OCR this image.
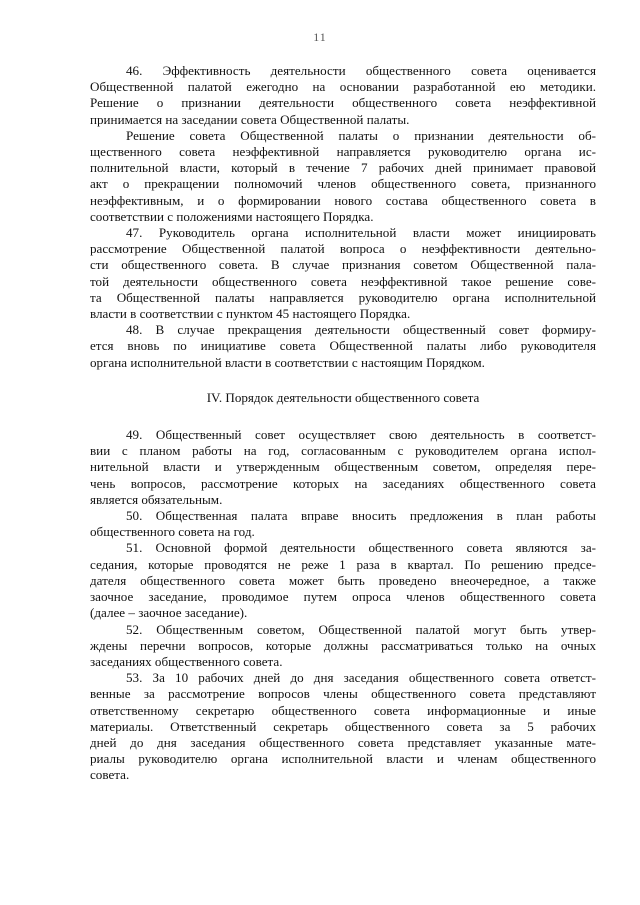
11
46. Эффективность деятельности общественного совета оценивается
Общественной палатой ежегодно на основании разработанной ею методики.
Решение о признании деятельности общественного совета неэффективной
принимается на заседании совета Общественной палаты.
Решение совета Общественной палаты о признании деятельности об-
щественного совета неэффективной направляется руководителю органа ис-
полнительной власти, который в течение 7 рабочих дней принимает правовой
акт о прекращении полномочий членов общественного совета, признанного
неэффективным, и о формировании нового состава общественного совета в
соответствии с положениями настоящего Порядка.
47. Руководитель органа исполнительной власти может инициировать
рассмотрение Общественной палатой вопроса о неэффективности деятельно-
сти общественного совета. В случае признания советом Общественной пала-
той деятельности общественного совета неэффективной такое решение сове-
та Общественной палаты направляется руководителю органа исполнительной
власти в соответствии с пунктом 45 настоящего Порядка.
48. В случае прекращения деятельности общественный совет формиру-
ется вновь по инициативе совета Общественной палаты либо руководителя
органа исполнительной власти в соответствии с настоящим Порядком.
IV. Порядок деятельности общественного совета
49. Общественный совет осуществляет свою деятельность в соответст-
вии с планом работы на год, согласованным с руководителем органа испол-
нительной власти и утвержденным общественным советом, определяя пере-
чень вопросов, рассмотрение которых на заседаниях общественного совета
является обязательным.
50. Общественная палата вправе вносить предложения в план работы
общественного совета на год.
51. Основной формой деятельности общественного совета являются за-
седания, которые проводятся не реже 1 раза в квартал. По решению предсе-
дателя общественного совета может быть проведено внеочередное, а также
заочное заседание, проводимое путем опроса членов общественного совета
(далее – заочное заседание).
52. Общественным советом, Общественной палатой могут быть утвер-
ждены перечни вопросов, которые должны рассматриваться только на очных
заседаниях общественного совета.
53. За 10 рабочих дней до дня заседания общественного совета ответст-
венные за рассмотрение вопросов члены общественного совета представляют
ответственному секретарю общественного совета информационные и иные
материалы. Ответственный секретарь общественного совета за 5 рабочих
дней до дня заседания общественного совета представляет указанные мате-
риалы руководителю органа исполнительной власти и членам общественного
совета.
